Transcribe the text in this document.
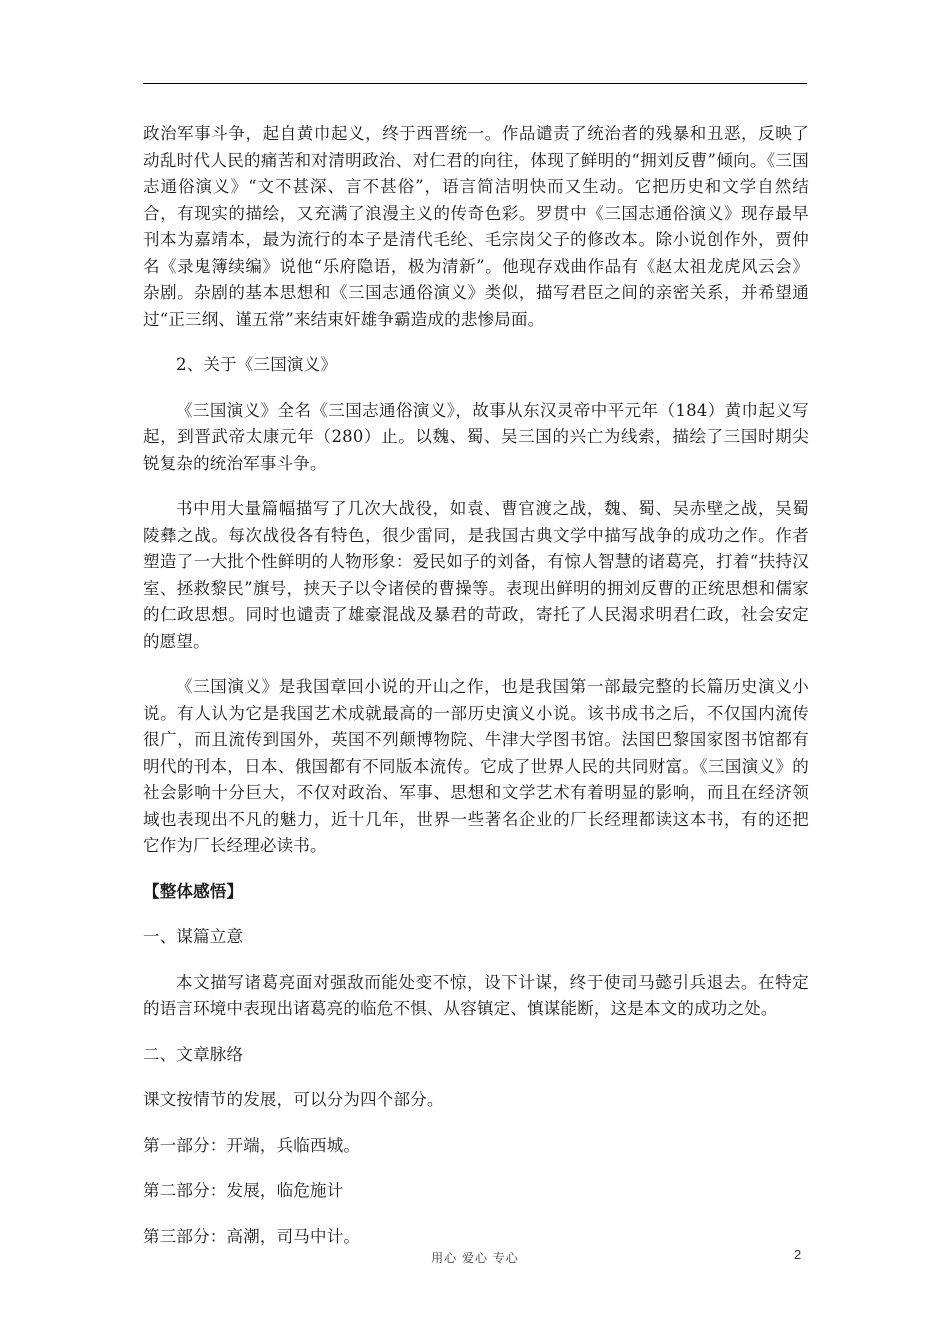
政治军事斗争，起自黄巾起义，终于西晋统一。作品谴责了统治者的残暴和丑恶，反映了动乱时代人民的痛苦和对清明政治、对仁君的向往，体现了鲜明的“拥刘反曹”倾向。《三国志通俗演义》“文不甚深、言不甚俗”，语言简洁明快而又生动。它把历史和文学自然结合，有现实的描绘，又充满了浪漫主义的传奇色彩。罗贯中《三国志通俗演义》现存最早刊本为嘉靖本，最为流行的本子是清代毛纶、毛宗岗父子的修改本。除小说创作外，贾仲名《录鬼簿续编》说他“乐府隐语，极为清新”。他现存戏曲作品有《赵太祖龙虎风云会》杂剧。杂剧的基本思想和《三国志通俗演义》类似，描写君臣之间的亲密关系，并希望通过“正三纲、谨五常”来结束奸雄争霸造成的悲惨局面。

2、关于《三国演义》

《三国演义》全名《三国志通俗演义》，故事从东汉灵帝中平元年（184）黄巾起义写起，到晋武帝太康元年（280）止。以魏、蜀、吴三国的兴亡为线索，描绘了三国时期尖锐复杂的统治军事斗争。

书中用大量篇幅描写了几次大战役，如袁、曹官渡之战，魏、蜀、吴赤壁之战，吴蜀陵彝之战。每次战役各有特色，很少雷同，是我国古典文学中描写战争的成功之作。作者塑造了一大批个性鲜明的人物形象：爱民如子的刘备，有惊人智慧的诸葛亮，打着“扶持汉室、拯救黎民”旗号，挟天子以令诸侯的曹操等。表现出鲜明的拥刘反曹的正统思想和儒家的仁政思想。同时也谴责了雄豪混战及暴君的苛政，寄托了人民渴求明君仁政，社会安定的愿望。

《三国演义》是我国章回小说的开山之作，也是我国第一部最完整的长篇历史演义小说。有人认为它是我国艺术成就最高的一部历史演义小说。该书成书之后，不仅国内流传很广，而且流传到国外，英国不列颠博物院、牛津大学图书馆。法国巴黎国家图书馆都有明代的刊本，日本、俄国都有不同版本流传。它成了世界人民的共同财富。《三国演义》的社会影响十分巨大，不仅对政治、军事、思想和文学艺术有着明显的影响，而且在经济领域也表现出不凡的魅力，近十几年，世界一些著名企业的厂长经理都读这本书，有的还把它作为厂长经理必读书。

【整体感悟】

一、谋篇立意

本文描写诸葛亮面对强敌而能处变不惊，设下计谋，终于使司马懿引兵退去。在特定的语言环境中表现出诸葛亮的临危不惧、从容镇定、慎谋能断，这是本文的成功之处。

二、文章脉络

课文按情节的发展，可以分为四个部分。

第一部分：开端，兵临西城。

第二部分：发展，临危施计

第三部分：高潮，司马中计。

用心 爱心 专心	2
